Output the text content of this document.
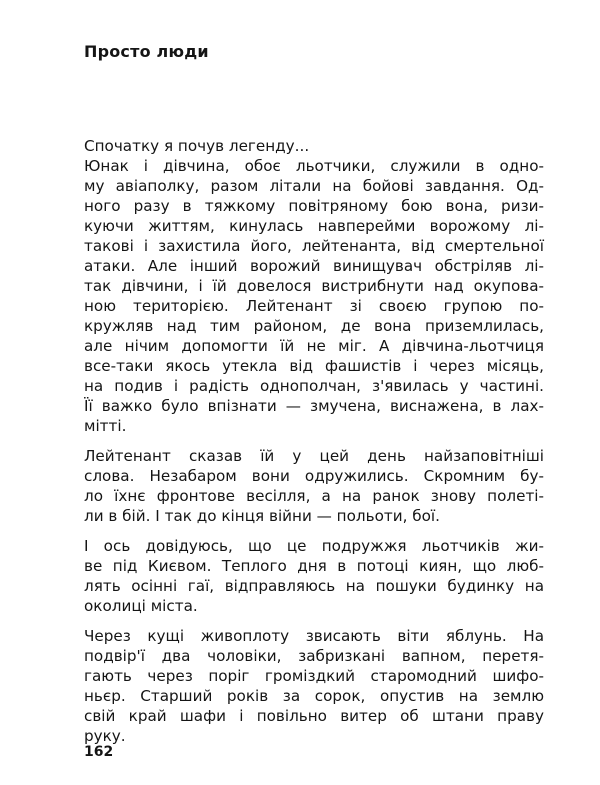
Просто люди
Спочатку я почув легенду...
Юнак і дівчина, обоє льотчики, служили в одно-
му авіаполку, разом літали на бойові завдання. Од-
ного разу в тяжкому повітряному бою вона, ризи-
куючи життям, кинулась навперейми ворожому лі-
такові і захистила його, лейтенанта, від смертельної
атаки. Але інший ворожий винищувач обстріляв лі-
так дівчини, і їй довелося вистрибнути над окупова-
ною територією. Лейтенант зі своєю групою по-
кружляв над тим районом, де вона приземлилась,
але нічим допомогти їй не міг. А дівчина-льотчиця
все-таки якось утекла від фашистів і через місяць,
на подив і радість однополчан, з'явилась у частині.
Її важко було впізнати — змучена, виснажена, в лах-
мітті.
Лейтенант сказав їй у цей день найзаповітніші
слова. Незабаром вони одружились. Скромним бу-
ло їхнє фронтове весілля, а на ранок знову полеті-
ли в бій. І так до кінця війни — польоти, бої.
І ось довідуюсь, що це подружжя льотчиків жи-
ве під Києвом. Теплого дня в потоці киян, що люб-
лять осінні гаї, відправляюсь на пошуки будинку на
околиці міста.
Через кущі живоплоту звисають віти яблунь. На
подвір'ї два чоловіки, забризкані вапном, перетя-
гають через поріг громіздкий старомодний шифо-
ньєр. Старший років за сорок, опустив на землю
свій край шафи і повільно витер об штани праву
руку.
162
